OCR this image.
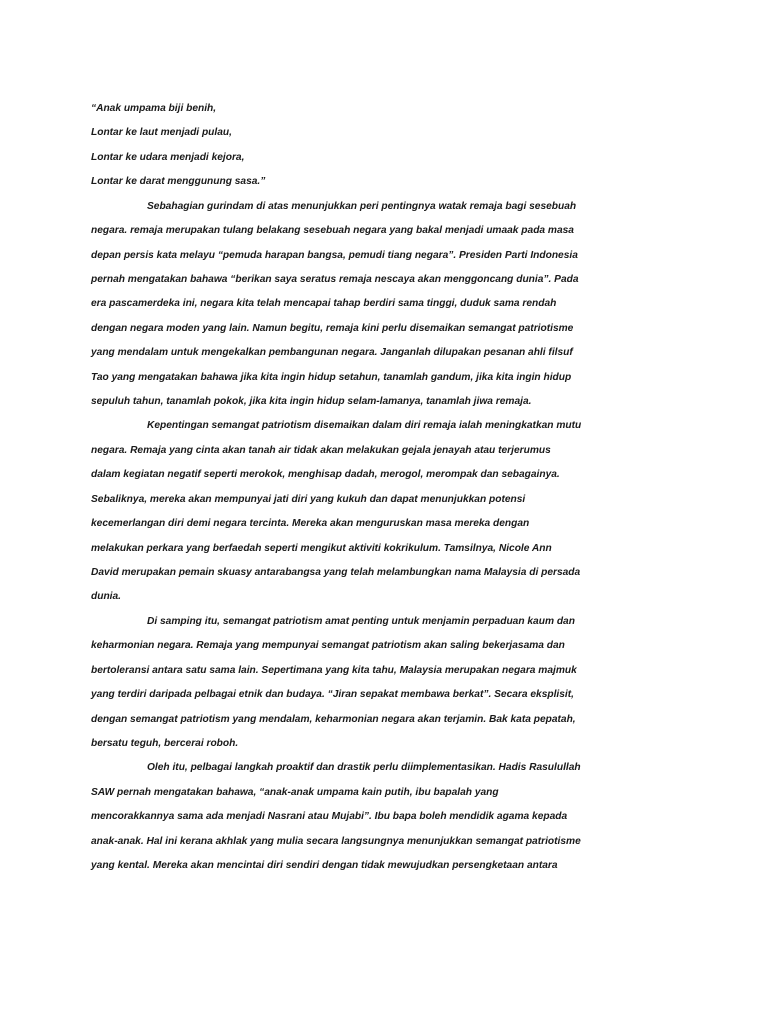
“Anak umpama biji benih,
Lontar ke laut menjadi pulau,
Lontar ke udara menjadi kejora,
Lontar ke darat menggunung sasa.”
Sebahagian gurindam di atas menunjukkan peri pentingnya watak remaja bagi sesebuah
negara. remaja merupakan tulang belakang sesebuah negara yang bakal menjadi umaak pada masa
depan persis kata melayu “pemuda harapan bangsa, pemudi tiang negara”. Presiden Parti Indonesia
pernah mengatakan bahawa “berikan saya seratus remaja nescaya akan menggoncang dunia”. Pada
era pascamerdeka ini, negara kita telah mencapai tahap berdiri sama tinggi, duduk sama rendah
dengan negara moden yang lain. Namun begitu, remaja kini perlu disemaikan semangat patriotisme
yang mendalam untuk mengekalkan pembangunan negara. Janganlah dilupakan pesanan ahli filsuf
Tao yang mengatakan bahawa jika kita ingin hidup setahun, tanamlah gandum, jika kita ingin hidup
sepuluh tahun, tanamlah pokok, jika kita ingin hidup selam-lamanya, tanamlah jiwa remaja.
Kepentingan semangat patriotism disemaikan dalam diri remaja ialah meningkatkan mutu
negara. Remaja yang cinta akan tanah air tidak akan melakukan gejala jenayah atau terjerumus
dalam kegiatan negatif seperti merokok, menghisap dadah, merogol, merompak dan sebagainya.
Sebaliknya, mereka akan mempunyai jati diri yang kukuh dan dapat menunjukkan potensi
kecemerlangan diri demi negara tercinta. Mereka akan menguruskan masa mereka dengan
melakukan perkara yang berfaedah seperti mengikut aktiviti kokrikulum. Tamsilnya, Nicole Ann
David merupakan pemain skuasy antarabangsa yang telah melambungkan nama Malaysia di persada
dunia.
Di samping itu, semangat patriotism amat penting untuk menjamin perpaduan kaum dan
keharmonian negara. Remaja yang mempunyai semangat patriotism akan saling bekerjasama dan
bertoleransi antara satu sama lain. Sepertimana yang kita tahu, Malaysia merupakan negara majmuk
yang terdiri daripada pelbagai etnik dan budaya. “Jiran sepakat membawa berkat”. Secara eksplisit,
dengan semangat patriotism yang mendalam, keharmonian negara akan terjamin. Bak kata pepatah,
bersatu teguh, bercerai roboh.
Oleh itu, pelbagai langkah proaktif dan drastik perlu diimplementasikan. Hadis Rasulullah
SAW pernah mengatakan bahawa, “anak-anak umpama kain putih, ibu bapalah yang
mencorakkannya sama ada menjadi Nasrani atau Mujabi”. Ibu bapa boleh mendidik agama kepada
anak-anak. Hal ini kerana akhlak yang mulia secara langsungnya menunjukkan semangat patriotisme
yang kental. Mereka akan mencintai diri sendiri dengan tidak mewujudkan persengketaan antara
